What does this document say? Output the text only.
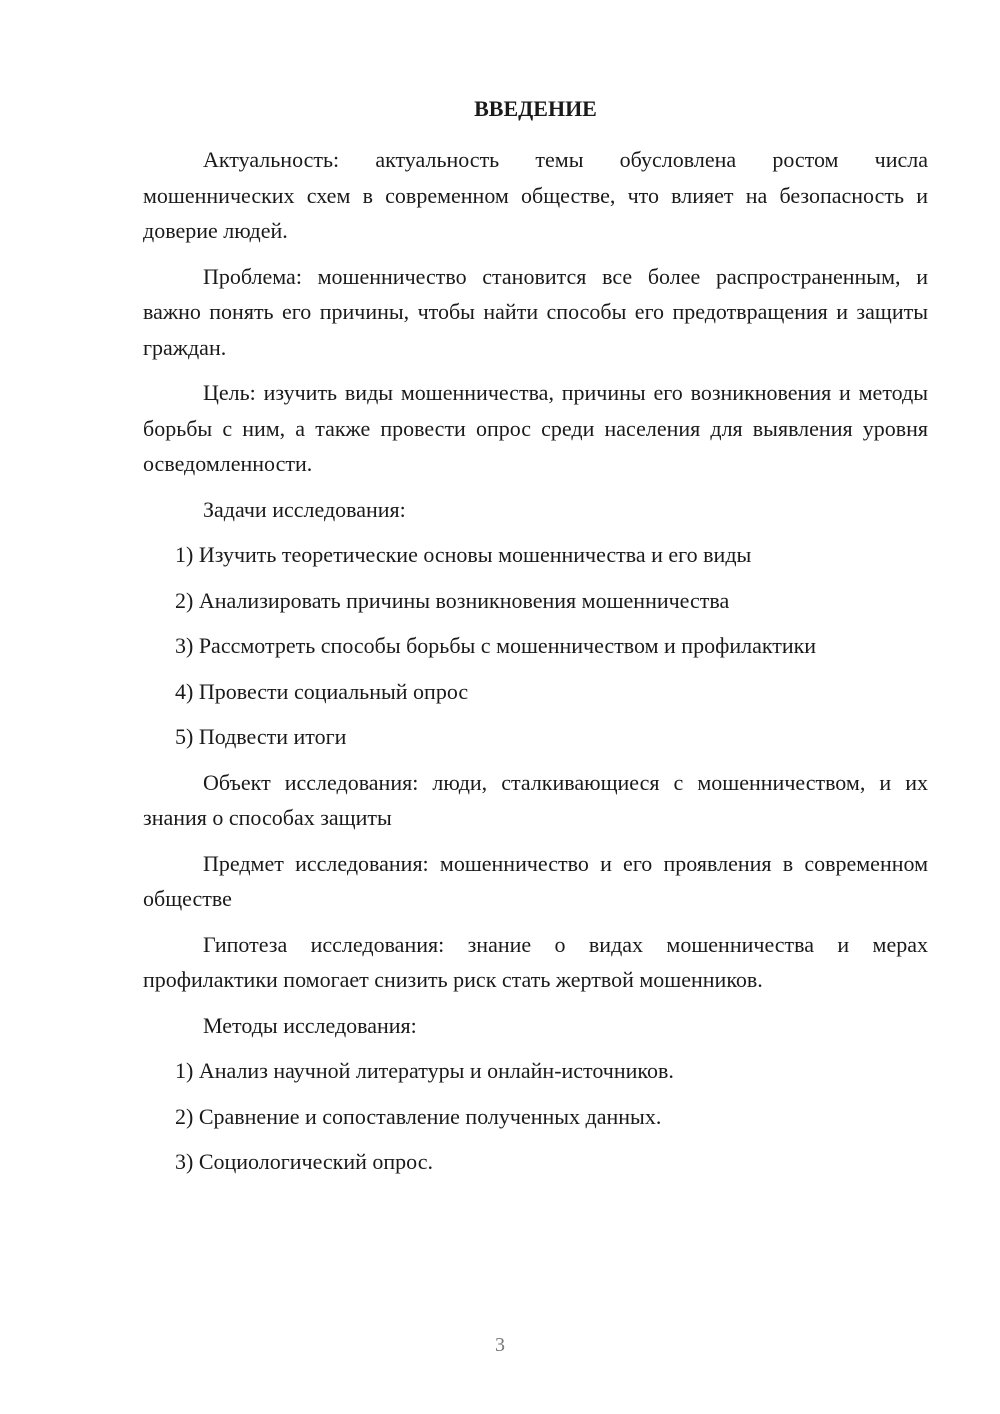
ВВЕДЕНИЕ

Актуальность: актуальность темы обусловлена ростом числа мошеннических схем в современном обществе, что влияет на безопасность и доверие людей.

Проблема: мошенничество становится все более распространенным, и важно понять его причины, чтобы найти способы его предотвращения и защиты граждан.

Цель: изучить виды мошенничества, причины его возникновения и методы борьбы с ним, а также провести опрос среди населения для выявления уровня осведомленности.

Задачи исследования:

1) Изучить теоретические основы мошенничества и его виды

2) Анализировать причины возникновения мошенничества

3) Рассмотреть способы борьбы с мошенничеством и профилактики

4) Провести социальный опрос

5) Подвести итоги

Объект исследования: люди, сталкивающиеся с мошенничеством, и их знания о способах защиты

Предмет исследования: мошенничество и его проявления в современном обществе

Гипотеза исследования: знание о видах мошенничества и мерах профилактики помогает снизить риск стать жертвой мошенников.

Методы исследования:

1) Анализ научной литературы и онлайн-источников.

2) Сравнение и сопоставление полученных данных.

3) Социологический опрос.

3
